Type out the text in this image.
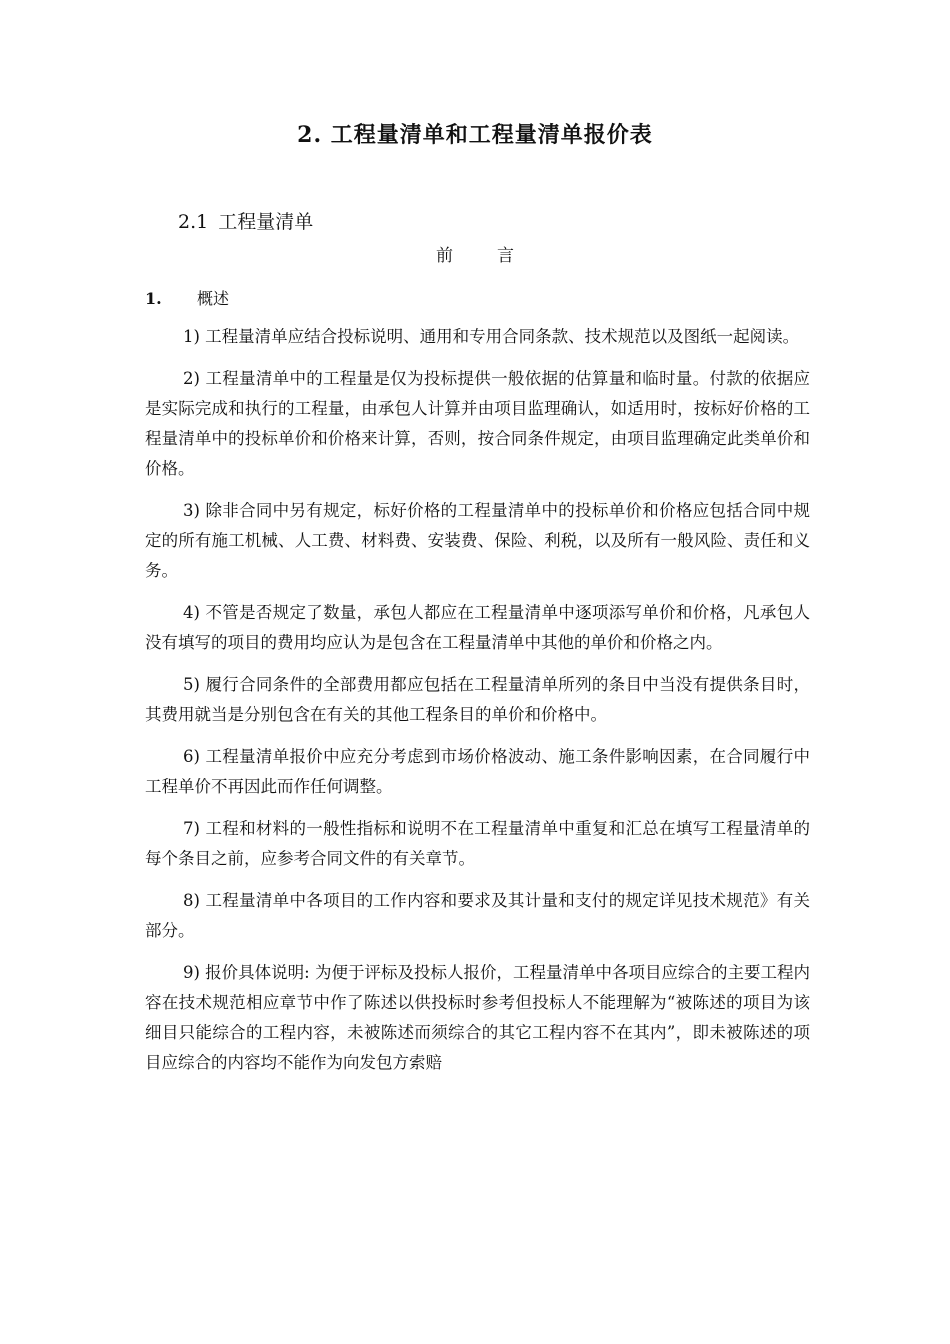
2. 工程量清单和工程量清单报价表
2.1 工程量清单
前言
1. 概述

1) 工程量清单应结合投标说明、通用和专用合同条款、技术规范以及图纸一起阅读。

2) 工程量清单中的工程量是仅为投标提供一般依据的估算量和临时量。付款的依据应是实际完成和执行的工程量，由承包人计算并由项目监理确认，如适用时，按标好价格的工程量清单中的投标单价和价格来计算，否则，按合同条件规定，由项目监理确定此类单价和价格。

3) 除非合同中另有规定，标好价格的工程量清单中的投标单价和价格应包括合同中规定的所有施工机械、人工费、材料费、安装费、保险、利税，以及所有一般风险、责任和义务。

4) 不管是否规定了数量，承包人都应在工程量清单中逐项添写单价和价格，凡承包人没有填写的项目的费用均应认为是包含在工程量清单中其他的单价和价格之内。

5) 履行合同条件的全部费用都应包括在工程量清单所列的条目中当没有提供条目时，其费用就当是分别包含在有关的其他工程条目的单价和价格中。

6) 工程量清单报价中应充分考虑到市场价格波动、施工条件影响因素，在合同履行中工程单价不再因此而作任何调整。

7) 工程和材料的一般性指标和说明不在工程量清单中重复和汇总在填写工程量清单的每个条目之前，应参考合同文件的有关章节。

8) 工程量清单中各项目的工作内容和要求及其计量和支付的规定详见技术规范》有关部分。

9) 报价具体说明: 为便于评标及投标人报价，工程量清单中各项目应综合的主要工程内容在技术规范相应章节中作了陈述以供投标时参考但投标人不能理解为“被陈述的项目为该细目只能综合的工程内容，未被陈述而须综合的其它工程内容不在其内”，即未被陈述的项目应综合的内容均不能作为向发包方索赔
